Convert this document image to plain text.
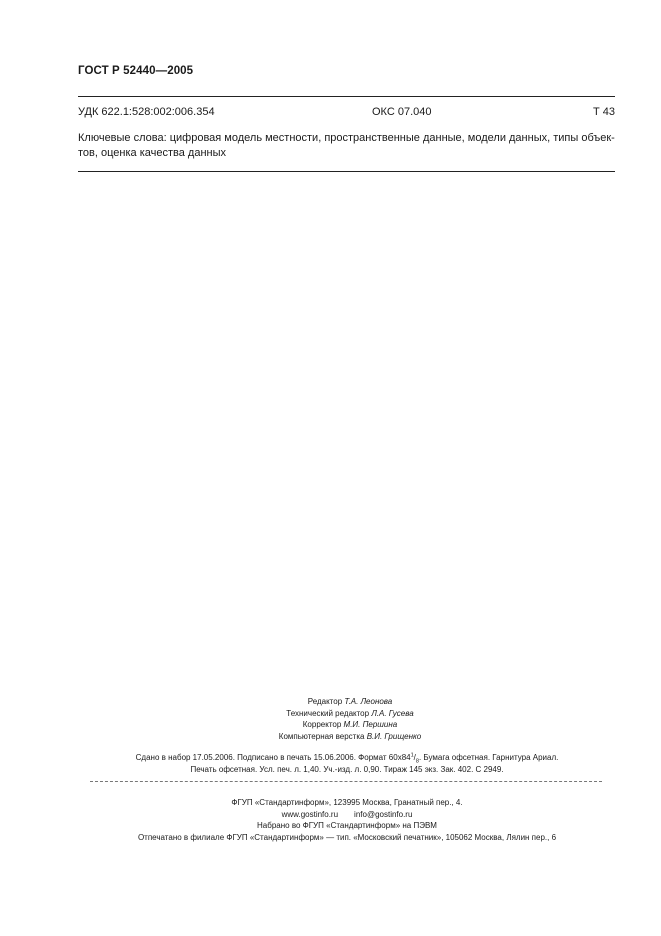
ГОСТ Р 52440—2005
УДК 622.1:528:002:006.354	ОКС 07.040	Т 43
Ключевые слова: цифровая модель местности, пространственные данные, модели данных, типы объек-
тов, оценка качества данных
Редактор Т.А. Леонова
Технический редактор Л.А. Гусева
Корректор М.И. Першина
Компьютерная верстка В.И. Грищенко
Сдано в набор 17.05.2006. Подписано в печать 15.06.2006. Формат $60х84^1/_8$. Бумага офсетная. Гарнитура Ариал.
Печать офсетная. Усл. печ. л. 1,40. Уч.-изд. л. 0,90. Тираж 145 экз. Зак. 402. С 2949.
ФГУП «Стандартинформ», 123995 Москва, Гранатный пер., 4.
www.gostinfo.ru info@gostinfo.ru
Набрано во ФГУП «Стандартинформ» на ПЭВМ
Отпечатано в филиале ФГУП «Стандартинформ» — тип. «Московский печатник», 105062 Москва, Лялин пер., 6
